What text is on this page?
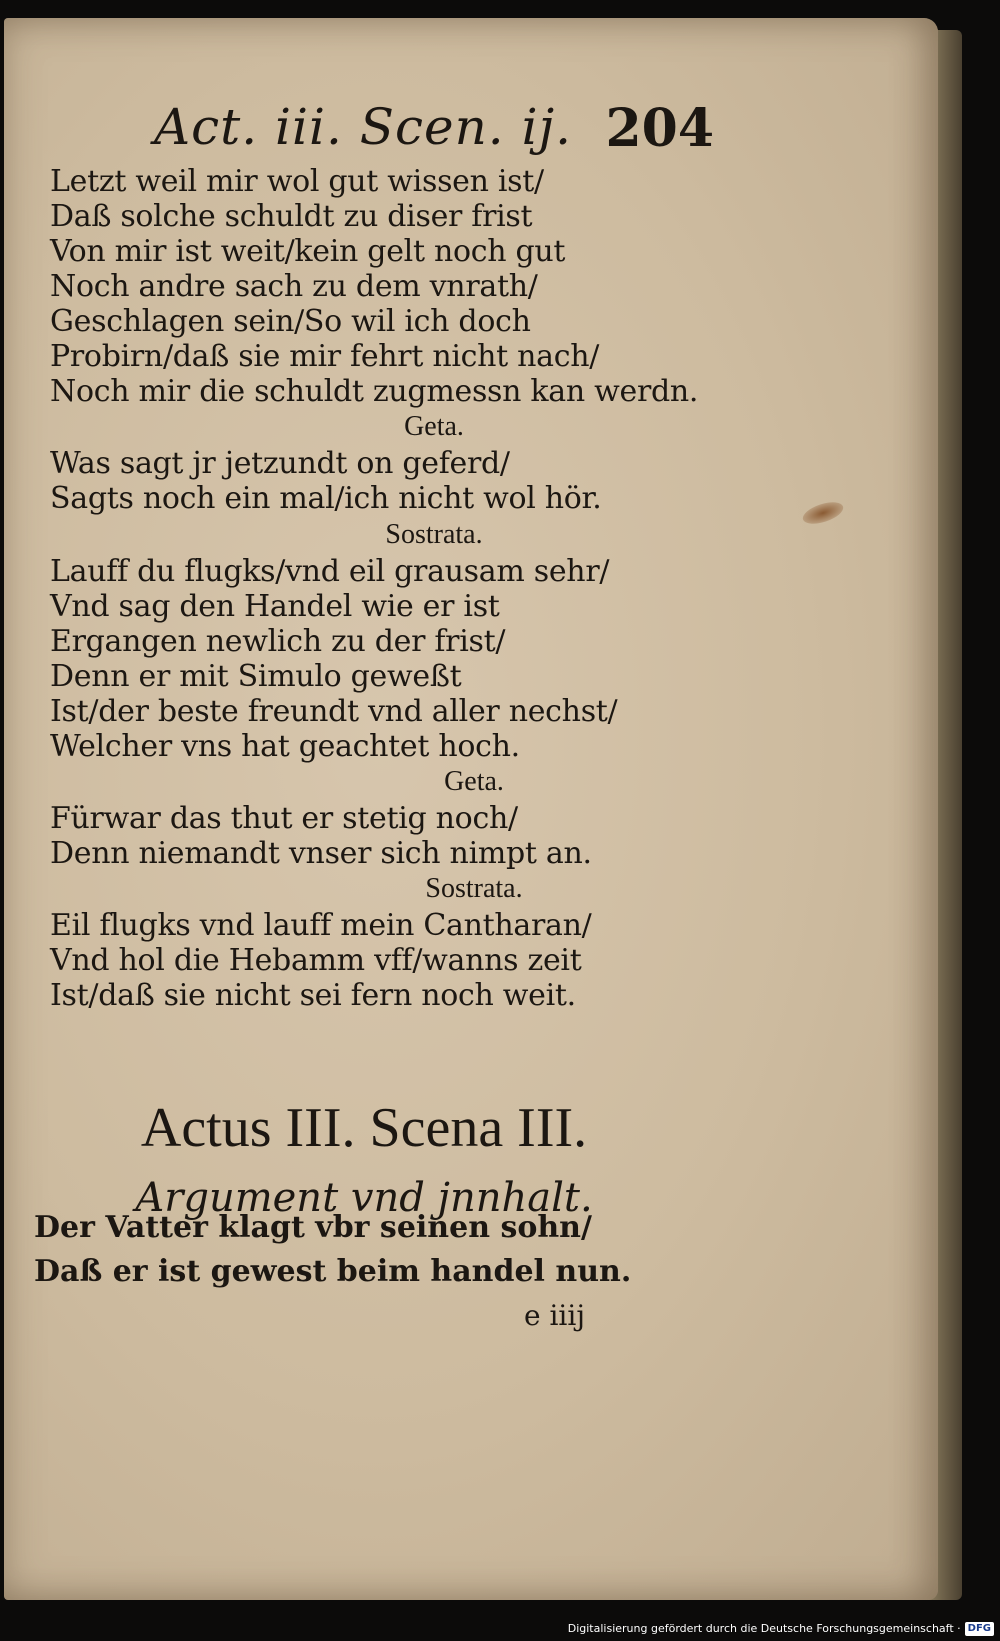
Act. iii. Scen. ij. 204
Letzt weil mir wol gut wissen ist/
Daß solche schuldt zu diser frist
Von mir ist weit/kein gelt noch gut
Noch andre sach zu dem vnrath/
Geschlagen sein/So wil ich doch
Probirn/daß sie mir fehrt nicht nach/
Noch mir die schuldt zugmessn kan werdn.
Geta.
Was sagt jr jetzundt on geferd/
Sagts noch ein mal/ich nicht wol hör.
Sostrata.
Lauff du flugks/vnd eil grausam sehr/
Vnd sag den Handel wie er ist
Ergangen newlich zu der frist/
Denn er mit Simulo geweßt
Ist/der beste freundt vnd aller nechst/
Welcher vns hat geachtet hoch.
Geta.
Fürwar das thut er stetig noch/
Denn niemandt vnser sich nimpt an.
Sostrata.
Eil flugks vnd lauff mein Cantharan/
Vnd hol die Hebamm vff/wanns zeit
Ist/daß sie nicht sei fern noch weit.
Actus III. Scena III.
Argument vnd jnnhalt.
Der Vatter klagt vbr seinen sohn/
Daß er ist gewest beim handel nun.
e iiij
Digitalisierung gefördert durch die Deutsche Forschungsgemeinschaft · DFG
